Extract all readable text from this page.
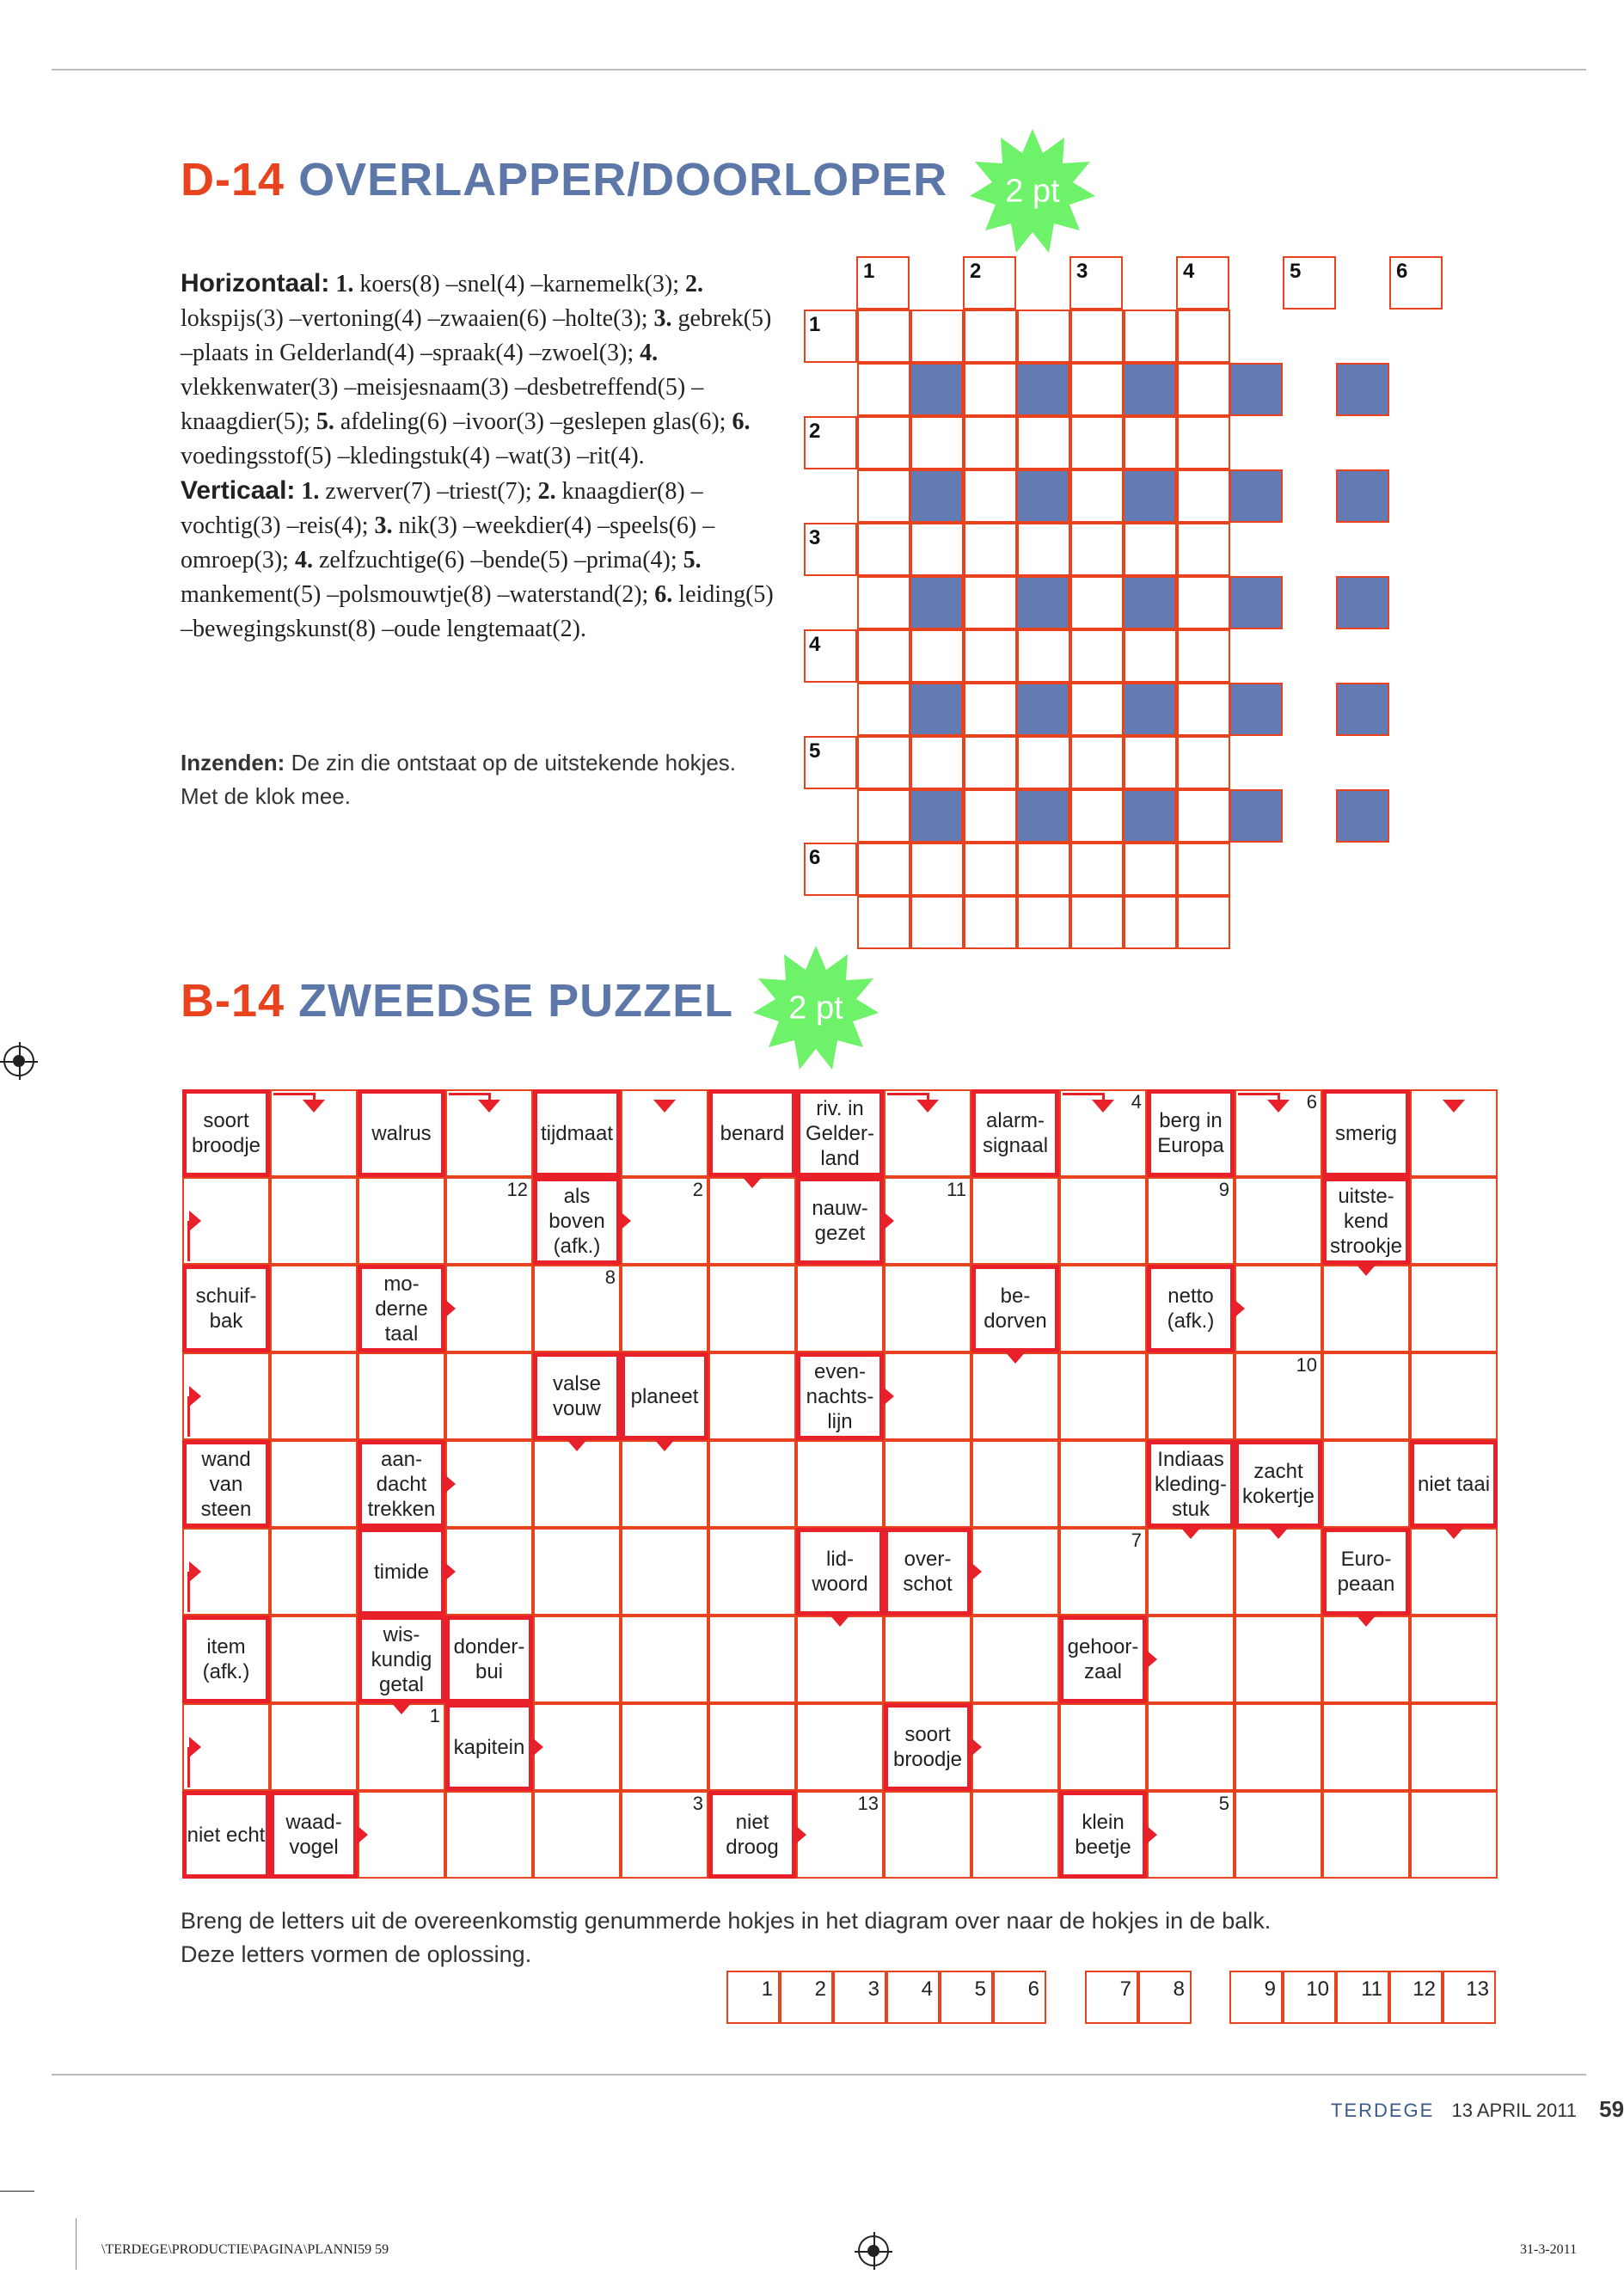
D-14 OVERLAPPER/DOORLOPER	2 pt
Horizontaal: 1. koers(8) –snel(4) –karnemelk(3); 2. lokspijs(3) –vertoning(4) –zwaaien(6) –holte(3); 3. gebrek(5) –plaats in Gelderland(4) –spraak(4) –zwoel(3); 4. vlekkenwater(3) –meisjesnaam(3) –desbetreffend(5) –knaagdier(5); 5. afdeling(6) –ivoor(3) –geslepen glas(6); 6. voedingsstof(5) –kledingstuk(4) –wat(3) –rit(4).
Verticaal: 1. zwerver(7) –triest(7); 2. knaagdier(8) –vochtig(3) –reis(4); 3. nik(3) –weekdier(4) –speels(6) – omroep(3); 4. zelfzuchtige(6) –bende(5) –prima(4); 5. mankement(5) –polsmouwtje(8) –waterstand(2); 6. leiding(5) –bewegingskunst(8) –oude lengtemaat(2).
Inzenden: De zin die ontstaat op de uitstekende hokjes. Met de klok mee.
1	2	3	4	5	6
1
2
3
4
5
6
B-14 ZWEEDSE PUZZEL	2 pt
soort
broodje
walrus	tijdmaat	benard
riv. in
Gelder-
land
alarm-
signaal
berg in
Europa
smerig
als
boven
(afk.)
nauw-
gezet
uitste-
kend
strookje
schuif-
bak
mo-
derne
taal
be-
dorven
netto
(afk.)
valse
vouw
planeet
even-
nachts-
lijn
wand
van
steen
aan-
dacht
trekken
Indiaas
kleding-
stuk
zacht
kokertje
niet taai
timide
lid-
woord
over-
schot
Euro-
peaan
item
(afk.)
wis-
kundig
getal
donder-
bui
gehoor-
zaal
kapitein
soort
broodje
niet echt
waad-
vogel
niet
droog
klein
beetje
4	6
12	2	11	9
8
10
7
1
3	13	5
Breng de letters uit de overeenkomstig genummerde hokjes in het diagram over naar de hokjes in de balk.
Deze letters vormen de oplossing.
1	2	3	4	5	6	7	8	9	10	11	12	13
TERDEGE 13 APRIL 2011 59
\TERDEGE\PRODUCTIE\PAGINA\PLANNI59 59	31-3-2011
